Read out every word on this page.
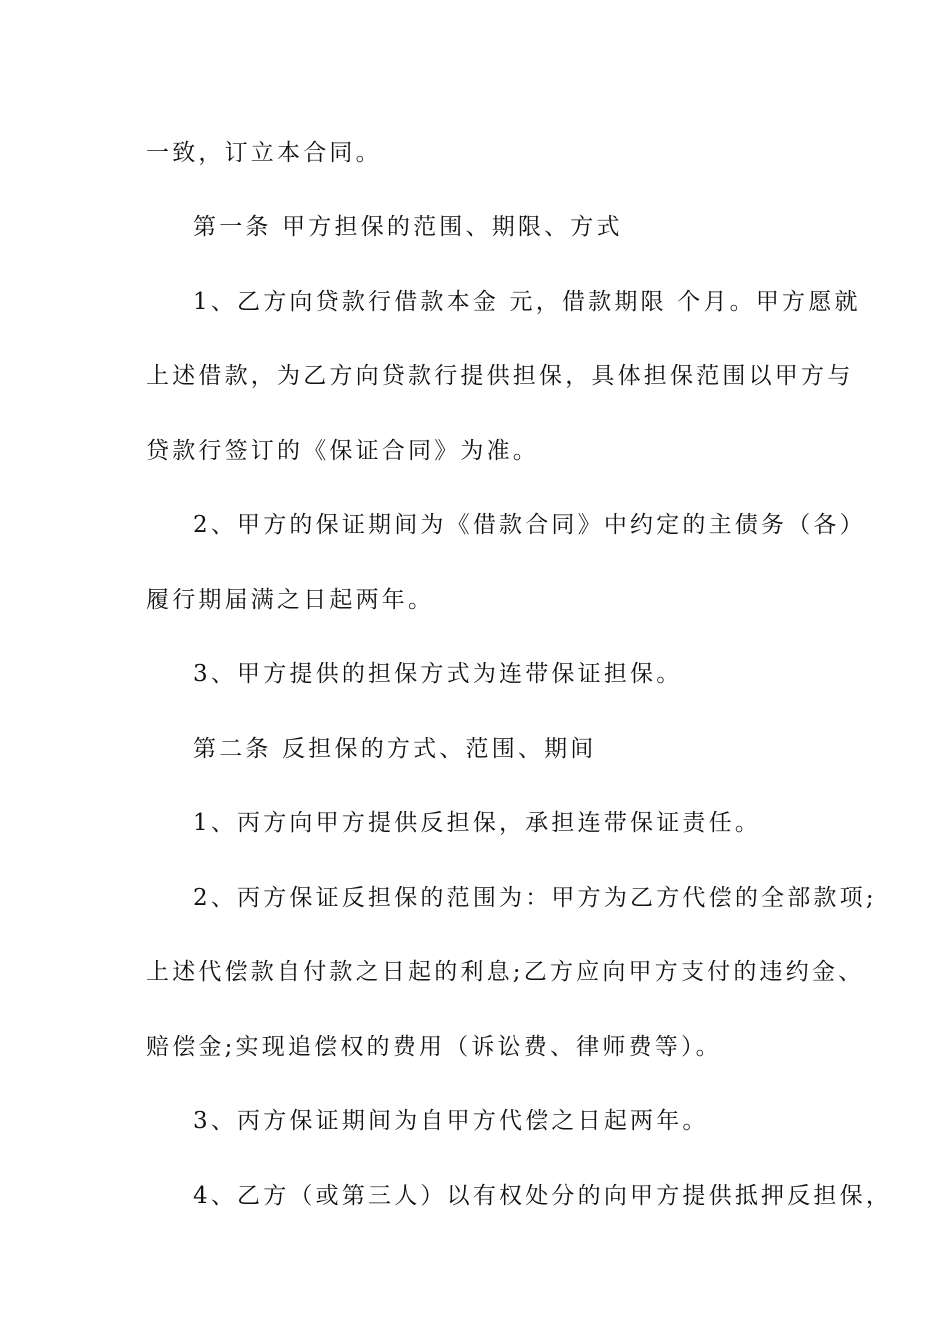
一致，订立本合同。
第一条 甲方担保的范围、期限、方式
1、乙方向贷款行借款本金 元，借款期限 个月。甲方愿就
上述借款，为乙方向贷款行提供担保，具体担保范围以甲方与
贷款行签订的《保证合同》为准。
2、甲方的保证期间为《借款合同》中约定的主债务（各）
履行期届满之日起两年。
3、甲方提供的担保方式为连带保证担保。
第二条 反担保的方式、范围、期间
1、丙方向甲方提供反担保，承担连带保证责任。
2、丙方保证反担保的范围为：甲方为乙方代偿的全部款项;
上述代偿款自付款之日起的利息;乙方应向甲方支付的违约金、
赔偿金;实现追偿权的费用（诉讼费、律师费等）。
3、丙方保证期间为自甲方代偿之日起两年。
4、乙方（或第三人）以有权处分的向甲方提供抵押反担保，
